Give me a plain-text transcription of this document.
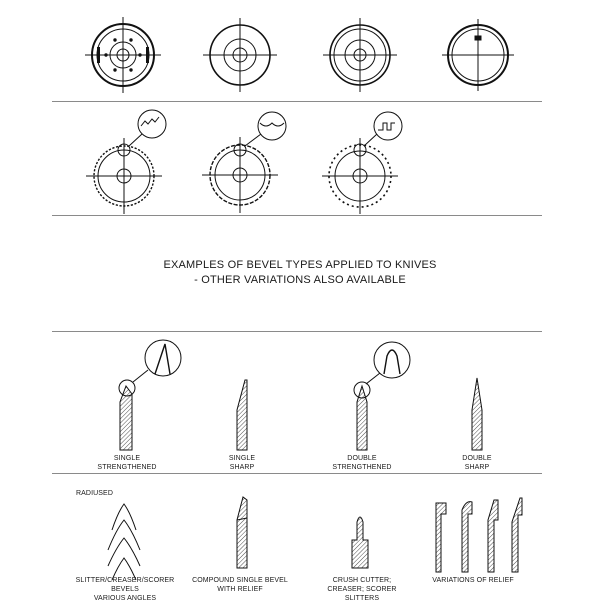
EXAMPLES OF BEVEL TYPES APPLIED TO KNIVES
- OTHER VARIATIONS ALSO AVAILABLE
SINGLE
STRENGTHENED
SINGLE
SHARP
DOUBLE
STRENGTHENED
DOUBLE
SHARP
RADIUSED
SLITTER/CREASER/SCORER
BEVELS
VARIOUS ANGLES
COMPOUND SINGLE BEVEL
WITH RELIEF
CRUSH CUTTER;
CREASER; SCORER
SLITTERS
VARIATIONS OF RELIEF
